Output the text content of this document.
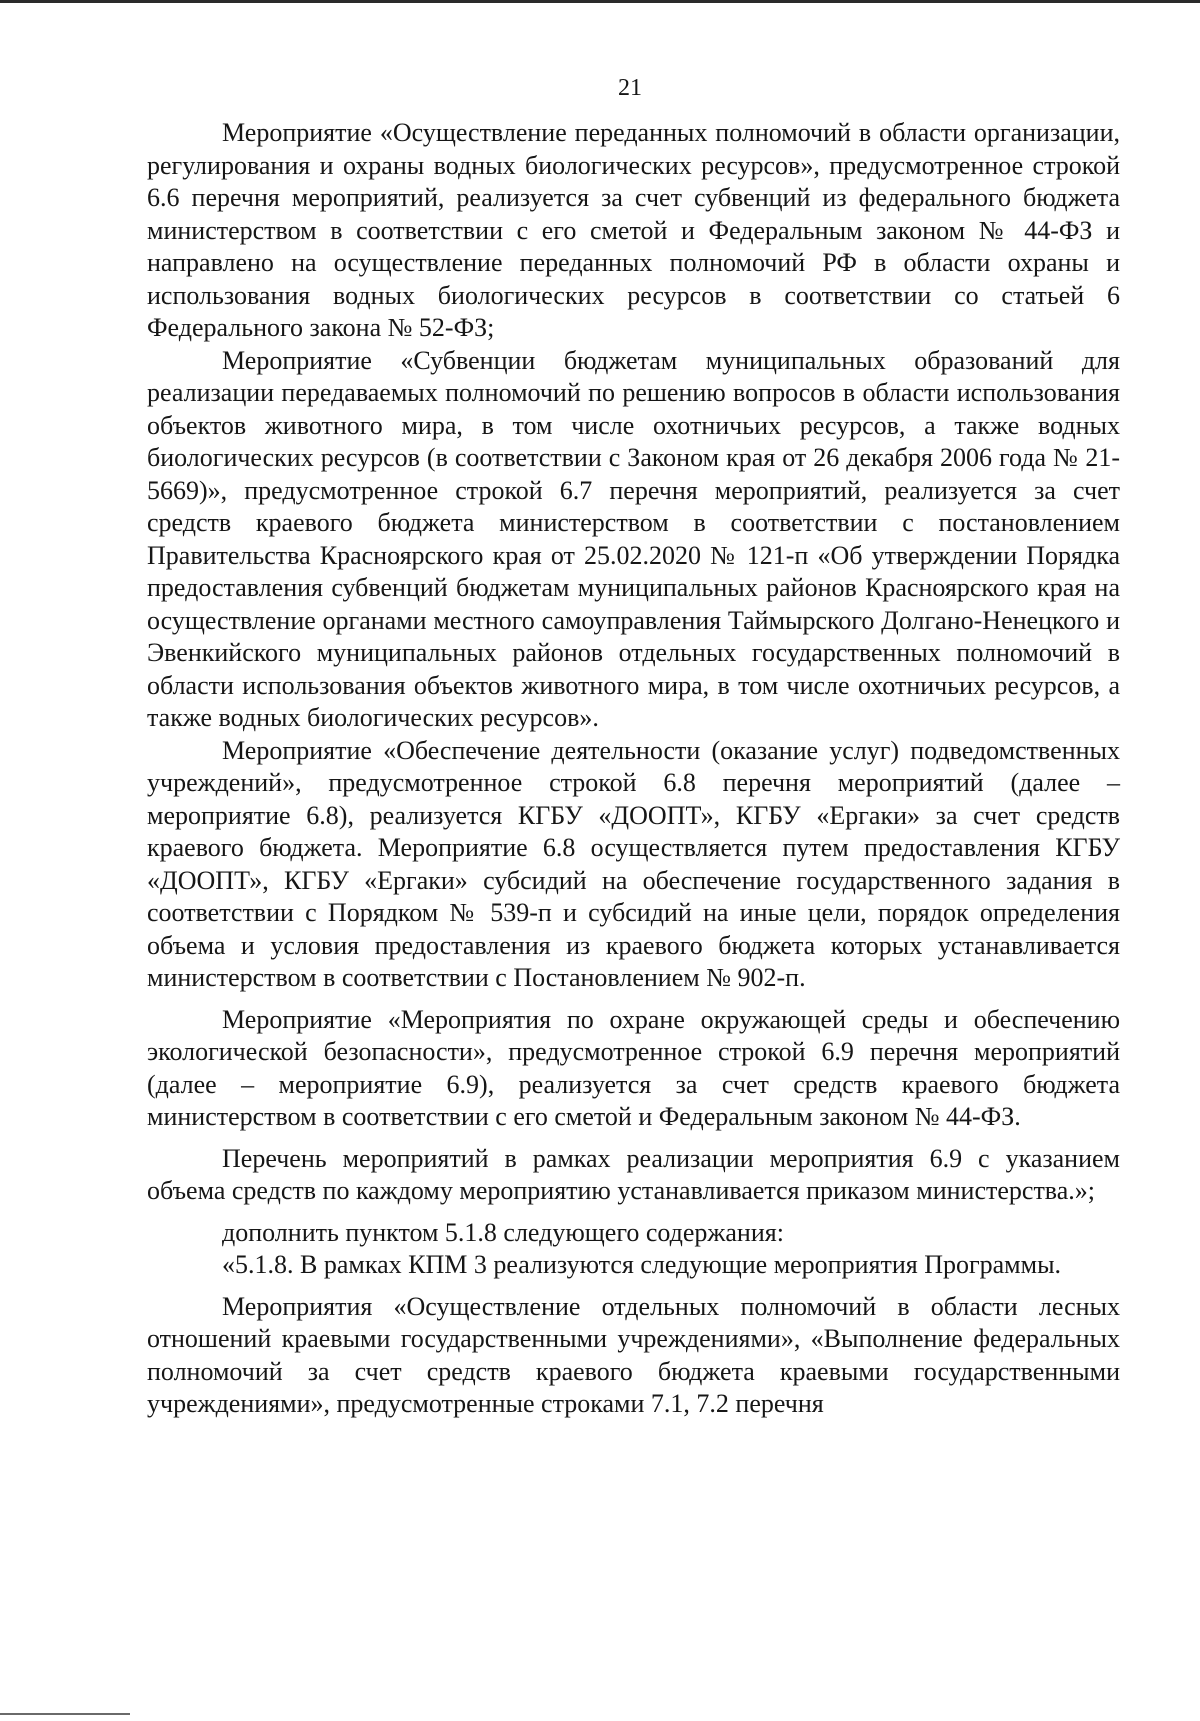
21

Мероприятие «Осуществление переданных полномочий в области организации, регулирования и охраны водных биологических ресурсов», предусмотренное строкой 6.6 перечня мероприятий, реализуется за счет субвенций из федерального бюджета министерством в соответствии с его сметой и Федеральным законом № 44-ФЗ и направлено на осуществление переданных полномочий РФ в области охраны и использования водных биологических ресурсов в соответствии со статьей 6 Федерального закона № 52-ФЗ;

Мероприятие «Субвенции бюджетам муниципальных образований для реализации передаваемых полномочий по решению вопросов в области использования объектов животного мира, в том числе охотничьих ресурсов, а также водных биологических ресурсов (в соответствии с Законом края от 26 декабря 2006 года № 21-5669)», предусмотренное строкой 6.7 перечня мероприятий, реализуется за счет средств краевого бюджета министерством в соответствии с постановлением Правительства Красноярского края от 25.02.2020 № 121-п «Об утверждении Порядка предоставления субвенций бюджетам муниципальных районов Красноярского края на осуществление органами местного самоуправления Таймырского Долгано-Ненецкого и Эвенкийского муниципальных районов отдельных государственных полномочий в области использования объектов животного мира, в том числе охотничьих ресурсов, а также водных биологических ресурсов».

Мероприятие «Обеспечение деятельности (оказание услуг) подведомственных учреждений», предусмотренное строкой 6.8 перечня мероприятий (далее – мероприятие 6.8), реализуется КГБУ «ДООПТ», КГБУ «Ергаки» за счет средств краевого бюджета. Мероприятие 6.8 осуществляется путем предоставления КГБУ «ДООПТ», КГБУ «Ергаки» субсидий на обеспечение государственного задания в соответствии с Порядком № 539-п и субсидий на иные цели, порядок определения объема и условия предоставления из краевого бюджета которых устанавливается министерством в соответствии с Постановлением № 902-п.

Мероприятие «Мероприятия по охране окружающей среды и обеспечению экологической безопасности», предусмотренное строкой 6.9 перечня мероприятий (далее – мероприятие 6.9), реализуется за счет средств краевого бюджета министерством в соответствии с его сметой и Федеральным законом № 44-ФЗ.

Перечень мероприятий в рамках реализации мероприятия 6.9 с указанием объема средств по каждому мероприятию устанавливается приказом министерства.»;

дополнить пунктом 5.1.8 следующего содержания:

«5.1.8. В рамках КПМ 3 реализуются следующие мероприятия Программы.

Мероприятия «Осуществление отдельных полномочий в области лесных отношений краевыми государственными учреждениями», «Выполнение федеральных полномочий за счет средств краевого бюджета краевыми государственными учреждениями», предусмотренные строками 7.1, 7.2 перечня
